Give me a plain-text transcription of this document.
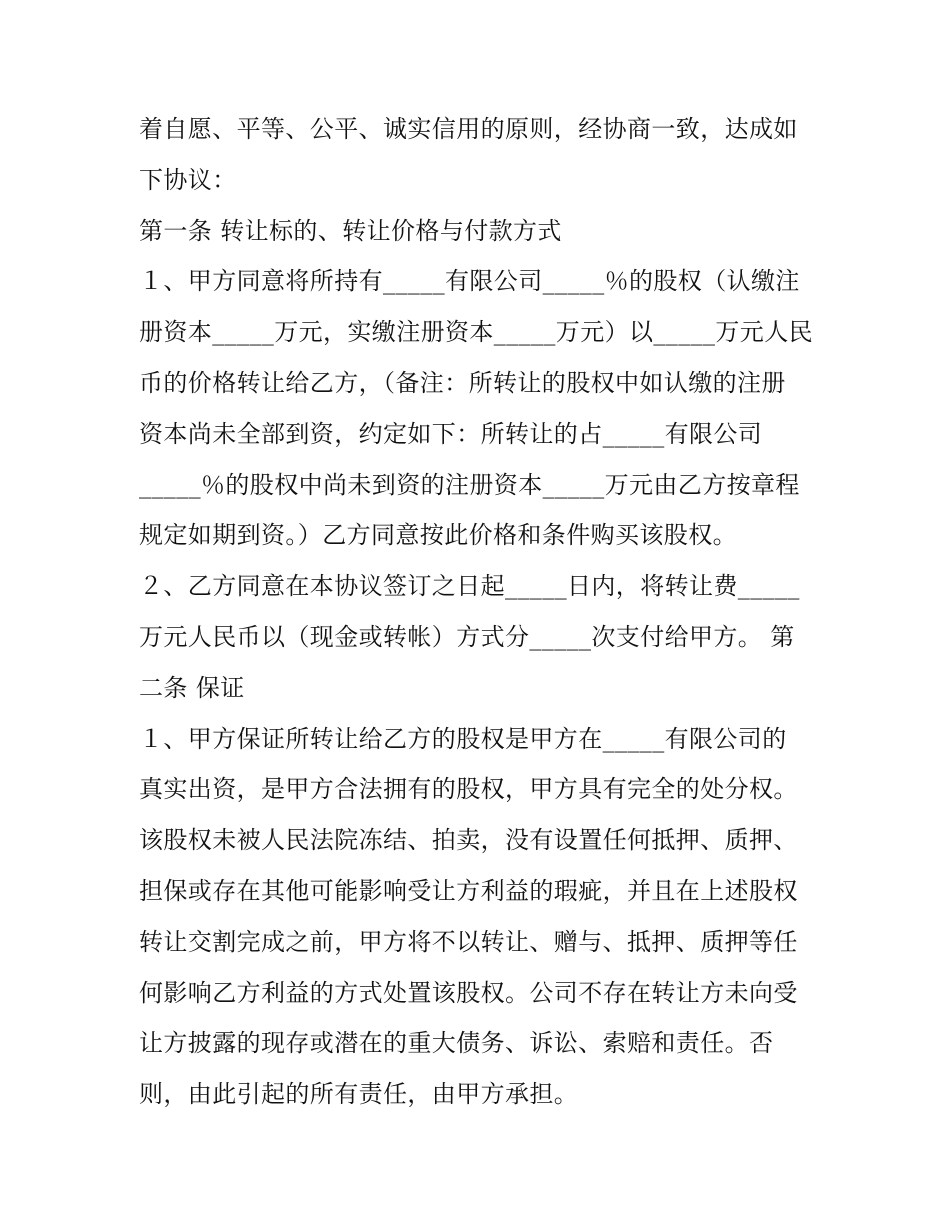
着自愿、平等、公平、诚实信用的原则，经协商一致，达成如
下协议：
第一条 转让标的、转让价格与付款方式
１、甲方同意将所持有_____有限公司_____％的股权（认缴注
册资本_____万元，实缴注册资本_____万元）以_____万元人民
币的价格转让给乙方，（备注：所转让的股权中如认缴的注册
资本尚未全部到资，约定如下：所转让的占_____有限公司
_____％的股权中尚未到资的注册资本_____万元由乙方按章程
规定如期到资。）乙方同意按此价格和条件购买该股权。
２、乙方同意在本协议签订之日起_____日内，将转让费_____
万元人民币以（现金或转帐）方式分_____次支付给甲方。 第
二条 保证
１、甲方保证所转让给乙方的股权是甲方在_____有限公司的
真实出资，是甲方合法拥有的股权，甲方具有完全的处分权。
该股权未被人民法院冻结、拍卖，没有设置任何抵押、质押、
担保或存在其他可能影响受让方利益的瑕疵，并且在上述股权
转让交割完成之前，甲方将不以转让、赠与、抵押、质押等任
何影响乙方利益的方式处置该股权。公司不存在转让方未向受
让方披露的现存或潜在的重大债务、诉讼、索赔和责任。否
则，由此引起的所有责任，由甲方承担。
